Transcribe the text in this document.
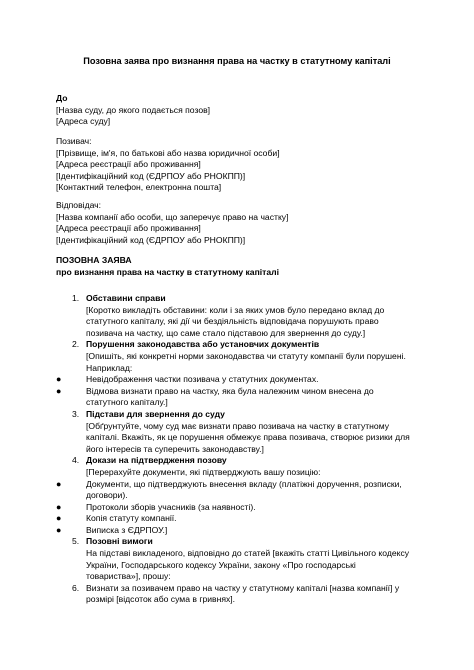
Позовна заява про визнання права на частку в статутному капіталі
До
[Назва суду, до якого подається позов]
[Адреса суду]
Позивач:
[Прізвище, ім'я, по батькові або назва юридичної особи]
[Адреса реєстрації або проживання]
[Ідентифікаційний код (ЄДРПОУ або РНОКПП)]
[Контактний телефон, електронна пошта]
Відповідач:
[Назва компанії або особи, що заперечує право на частку]
[Адреса реєстрації або проживання]
[Ідентифікаційний код (ЄДРПОУ або РНОКПП)]
ПОЗОВНА ЗАЯВА
про визнання права на частку в статутному капіталі
1. Обставини справи
[Коротко викладіть обставини: коли і за яких умов було передано вклад до
статутного капіталу, які дії чи бездіяльність відповідача порушують право
позивача на частку, що саме стало підставою для звернення до суду.]
2. Порушення законодавства або установчих документів
[Опишіть, які конкретні норми законодавства чи статуту компанії були порушені.
Наприклад:
●	Невідображення частки позивача у статутних документах.
●	Відмова визнати право на частку, яка була належним чином внесена до
статутного капіталу.]
3. Підстави для звернення до суду
[Обґрунтуйте, чому суд має визнати право позивача на частку в статутному
капіталі. Вкажіть, як це порушення обмежує права позивача, створює ризики для
його інтересів та суперечить законодавству.]
4. Докази на підтвердження позову
[Перерахуйте документи, які підтверджують вашу позицію:
●	Документи, що підтверджують внесення вкладу (платіжні доручення, розписки,
договори).
●	Протоколи зборів учасників (за наявності).
●	Копія статуту компанії.
●	Виписка з ЄДРПОУ.]
5. Позовні вимоги
На підставі викладеного, відповідно до статей [вкажіть статті Цивільного кодексу
України, Господарського кодексу України, закону «Про господарські
товариства»], прошу:
6. Визнати за позивачем право на частку у статутному капіталі [назва компанії] у
розмірі [відсоток або сума в гривнях].
